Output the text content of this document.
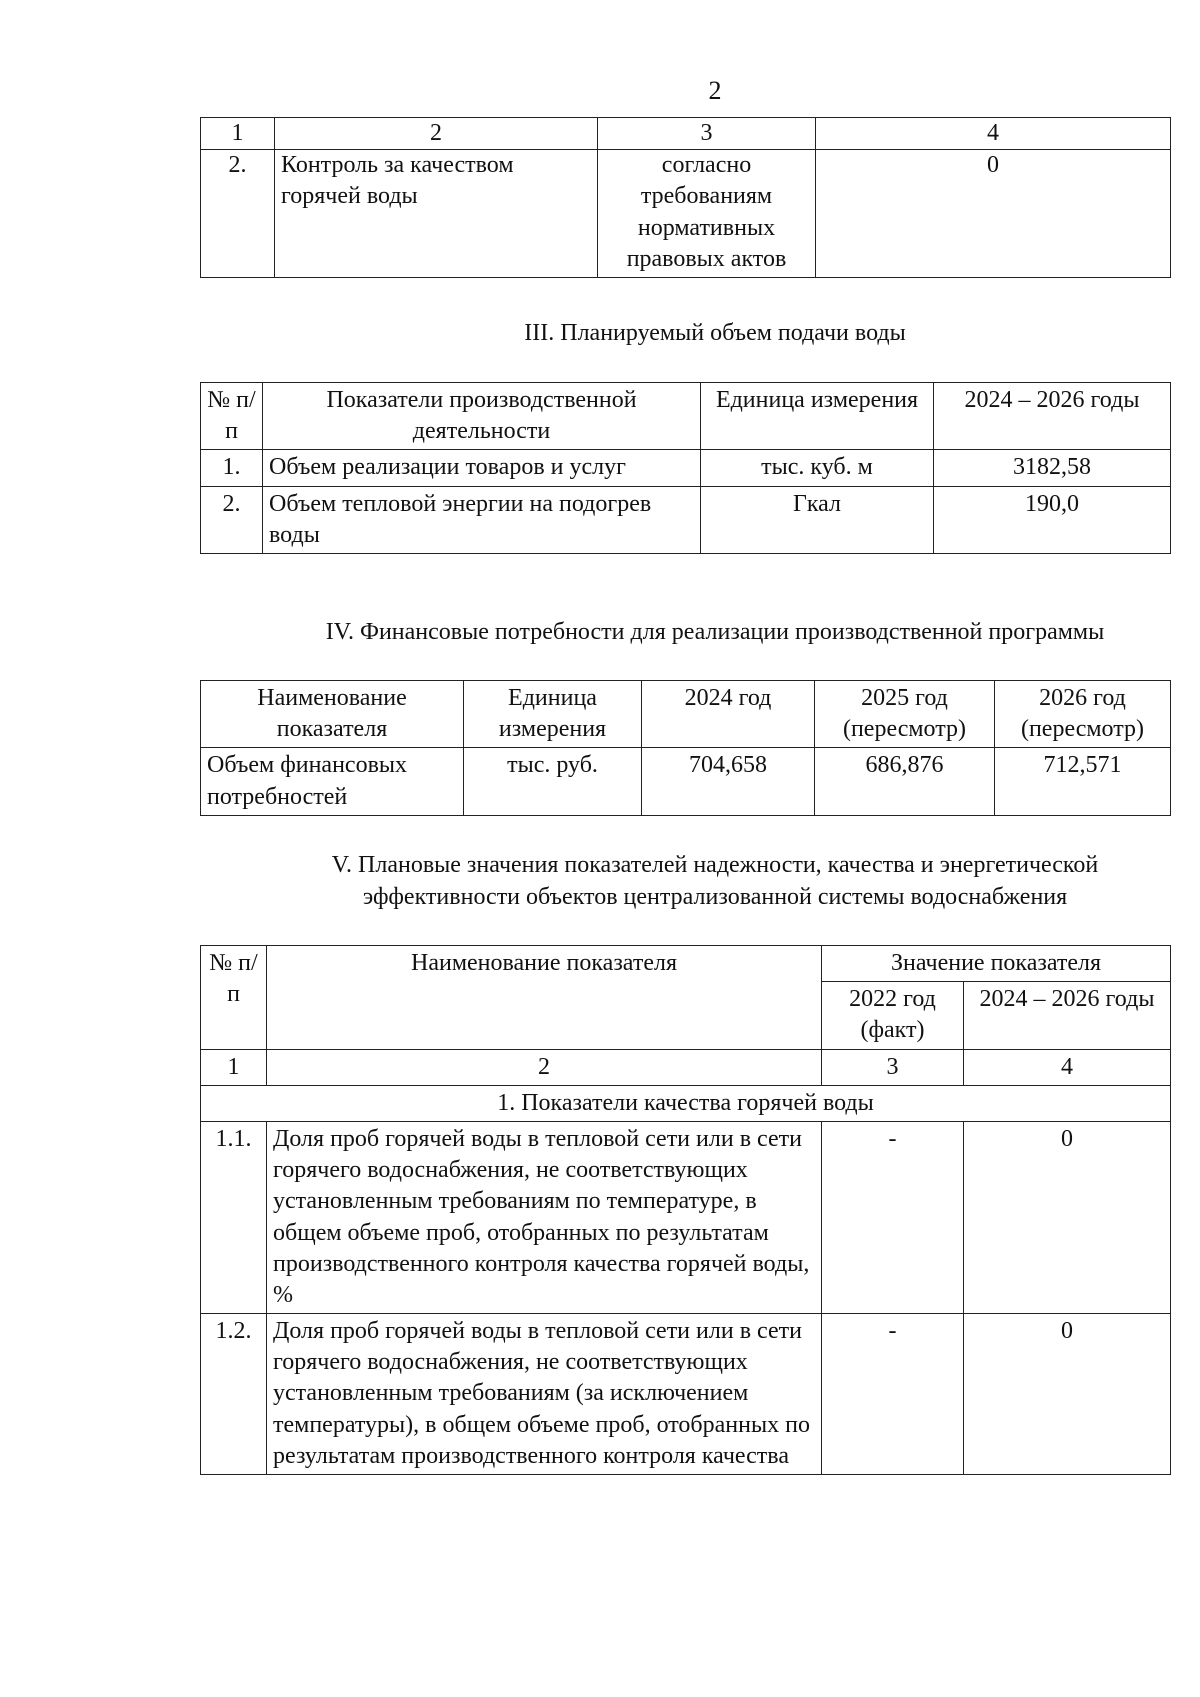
2
1	2	3	4
2.	Контроль за качеством горячей воды	согласно требованиям нормативных правовых актов	0
III. Планируемый объем подачи воды
№ п/п	Показатели производственной деятельности	Единица измерения	2024 – 2026 годы
1.	Объем реализации товаров и услуг	тыс. куб. м	3182,58
2.	Объем тепловой энергии на подогрев воды	Гкал	190,0
IV. Финансовые потребности для реализации производственной программы
Наименование показателя	Единица измерения	2024 год	2025 год (пересмотр)	2026 год (пересмотр)
Объем финансовых потребностей	тыс. руб.	704,658	686,876	712,571
V. Плановые значения показателей надежности, качества и энергетической
эффективности объектов централизованной системы водоснабжения
№ п/п	Наименование показателя	Значение показателя	
		2022 год (факт)	2024 – 2026 годы
1	2	3	4
1. Показатели качества горячей воды			
1.1.	Доля проб горячей воды в тепловой сети или в сети горячего водоснабжения, не соответствующих установленным требованиям по температуре, в общем объеме проб, отобранных по результатам производственного контроля качества горячей воды, %	-	0
1.2.	Доля проб горячей воды в тепловой сети или в сети горячего водоснабжения, не соответствующих установленным требованиям (за исключением температуры), в общем объеме проб, отобранных по результатам производственного контроля качества	-	0
